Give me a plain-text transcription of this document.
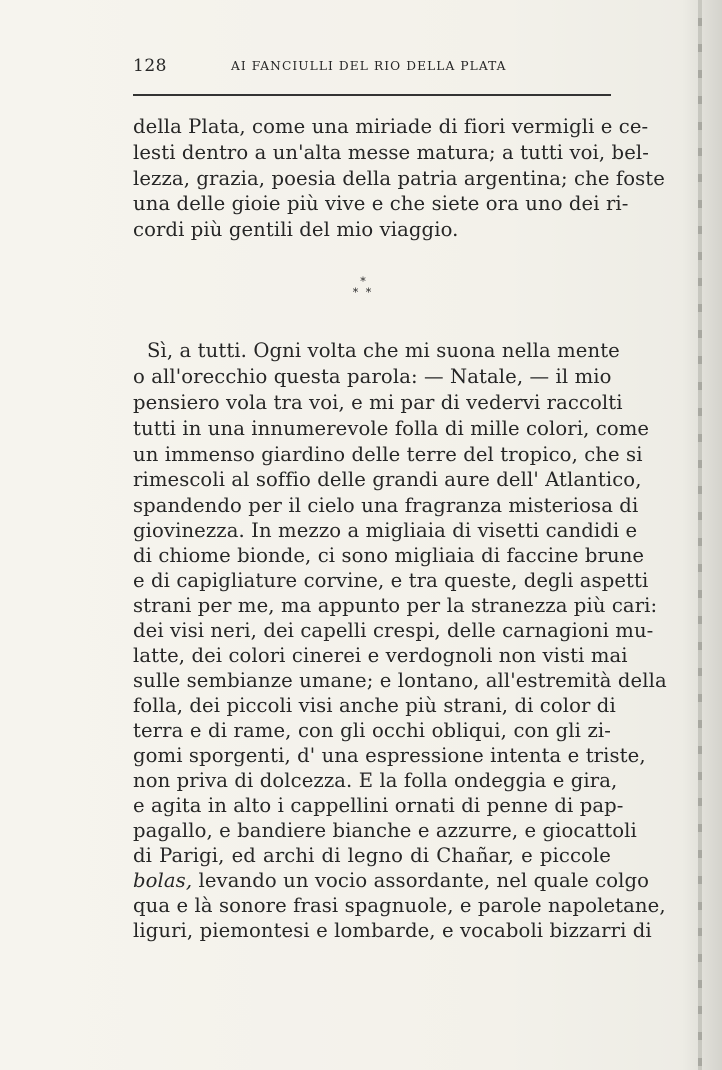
128	AI FANCIULLI DEL RIO DELLA PLATA
della Plata, come una miriade di fiori vermigli e ce-
lesti dentro a un'alta messe matura; a tutti voi, bel-
lezza, grazia, poesia della patria argentina; che foste
una delle gioie più vive e che siete ora uno dei ri-
cordi più gentili del mio viaggio.
*
* *
Sì, a tutti. Ogni volta che mi suona nella mente
o all'orecchio questa parola: — Natale, — il mio
pensiero vola tra voi, e mi par di vedervi raccolti
tutti in una innumerevole folla di mille colori, come
un immenso giardino delle terre del tropico, che si
rimescoli al soffio delle grandi aure dell' Atlantico,
spandendo per il cielo una fragranza misteriosa di
giovinezza. In mezzo a migliaia di visetti candidi e
di chiome bionde, ci sono migliaia di faccine brune
e di capigliature corvine, e tra queste, degli aspetti
strani per me, ma appunto per la stranezza più cari:
dei visi neri, dei capelli crespi, delle carnagioni mu-
latte, dei colori cinerei e verdognoli non visti mai
sulle sembianze umane; e lontano, all'estremità della
folla, dei piccoli visi anche più strani, di color di
terra e di rame, con gli occhi obliqui, con gli zi-
gomi sporgenti, d' una espressione intenta e triste,
non priva di dolcezza. E la folla ondeggia e gira,
e agita in alto i cappellini ornati di penne di pap-
pagallo, e bandiere bianche e azzurre, e giocattoli
di Parigi, ed archi di legno di Chañar, e piccole
bolas, levando un vocio assordante, nel quale colgo
qua e là sonore frasi spagnuole, e parole napoletane,
liguri, piemontesi e lombarde, e vocaboli bizzarri di
